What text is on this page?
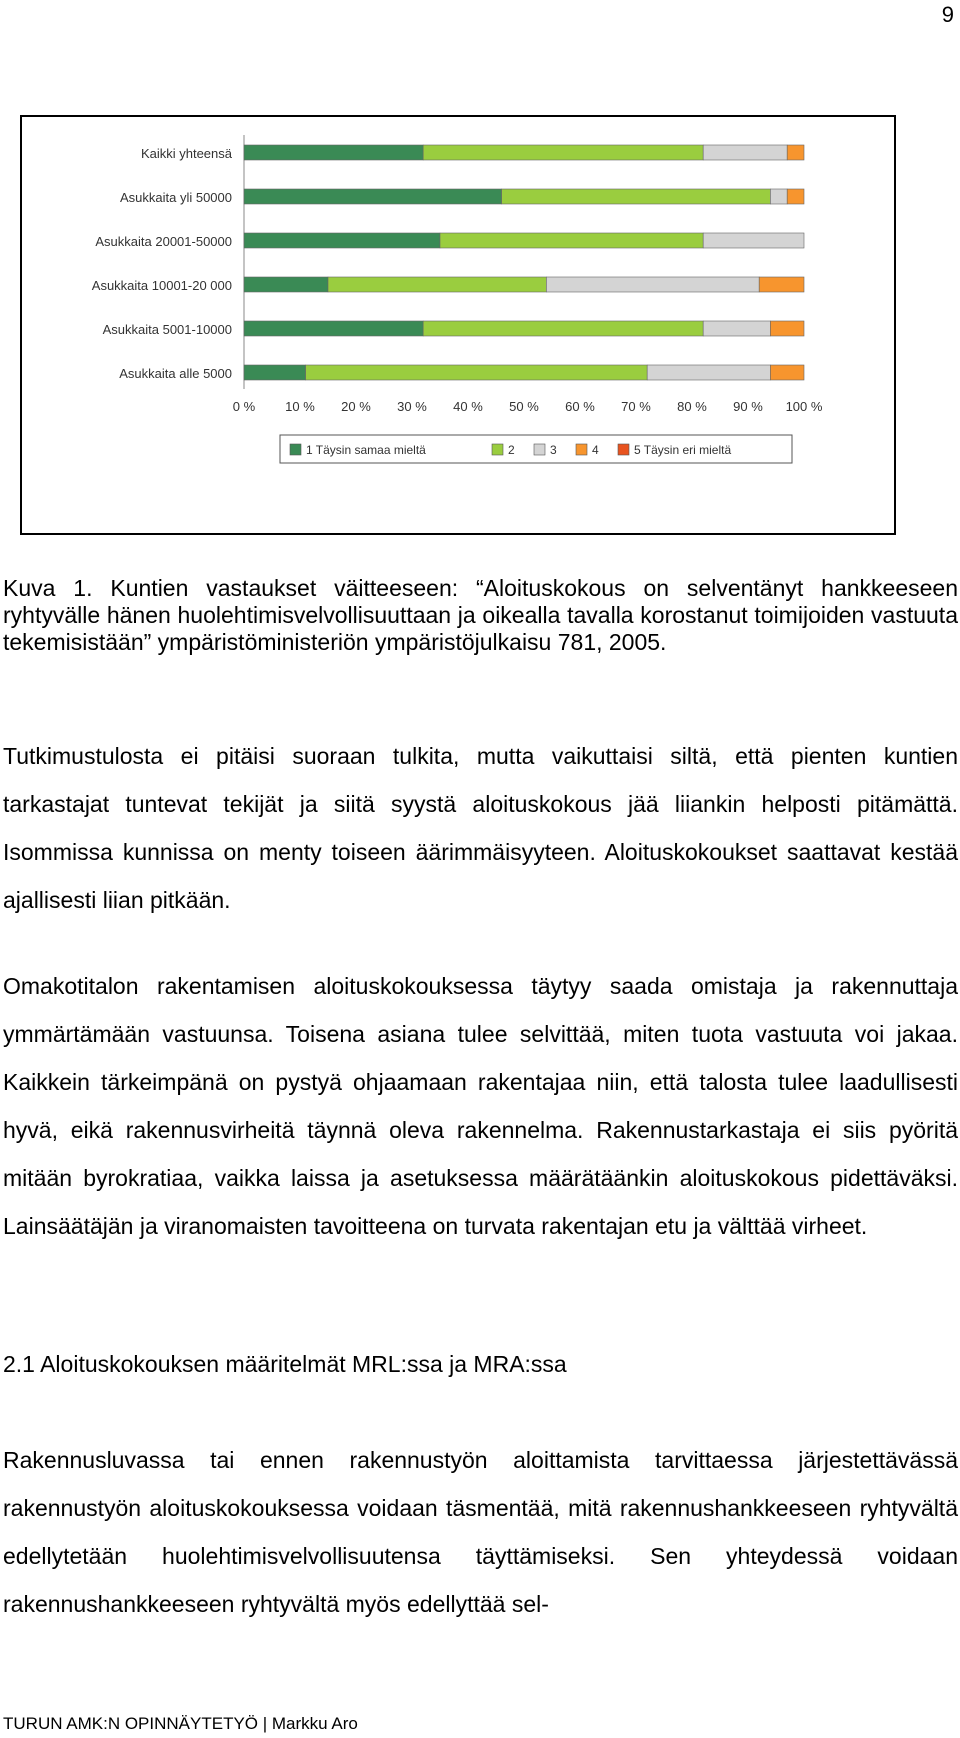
9
Kaikki yhteensä
Asukkaita yli 50000
Asukkaita 20001-50000
Asukkaita 10001-20 000
Asukkaita 5001-10000
Asukkaita alle 5000
0 % 10 % 20 % 30 % 40 % 50 % 60 % 70 % 80 % 90 % 100 %
1 Täysin samaa mieltä	2	3	4	5 Täysin eri mieltä
Kuva 1. Kuntien vastaukset väitteeseen: “Aloituskokous on selventänyt hankkeeseen ryhtyvälle hänen huolehtimisvelvollisuuttaan ja oikealla tavalla korostanut toimijoiden vastuuta tekemisistään” ympäristöministeriön ympäristöjulkaisu 781, 2005.
Tutkimustulosta ei pitäisi suoraan tulkita, mutta vaikuttaisi siltä, että pienten kuntien tarkastajat tuntevat tekijät ja siitä syystä aloituskokous jää liiankin helposti pitämättä. Isommissa kunnissa on menty toiseen äärimmäisyyteen. Aloituskokoukset saattavat kestää ajallisesti liian pitkään.
Omakotitalon rakentamisen aloituskokouksessa täytyy saada omistaja ja rakennuttaja ymmärtämään vastuunsa. Toisena asiana tulee selvittää, miten tuota vastuuta voi jakaa. Kaikkein tärkeimpänä on pystyä ohjaamaan rakentajaa niin, että talosta tulee laadullisesti hyvä, eikä rakennusvirheitä täynnä oleva rakennelma. Rakennustarkastaja ei siis pyöritä mitään byrokratiaa, vaikka laissa ja asetuksessa määrätäänkin aloituskokous pidettäväksi. Lainsäätäjän ja viranomaisten tavoitteena on turvata rakentajan etu ja välttää virheet.
2.1 Aloituskokouksen määritelmät MRL:ssa ja MRA:ssa
Rakennusluvassa tai ennen rakennustyön aloittamista tarvittaessa järjestettävässä rakennustyön aloituskokouksessa voidaan täsmentää, mitä rakennushankkeeseen ryhtyvältä edellytetään huolehtimisvelvollisuutensa täyttämiseksi. Sen yhteydessä voidaan rakennushankkeeseen ryhtyvältä myös edellyttää sel-
TURUN AMK:N OPINNÄYTETYÖ | Markku Aro
